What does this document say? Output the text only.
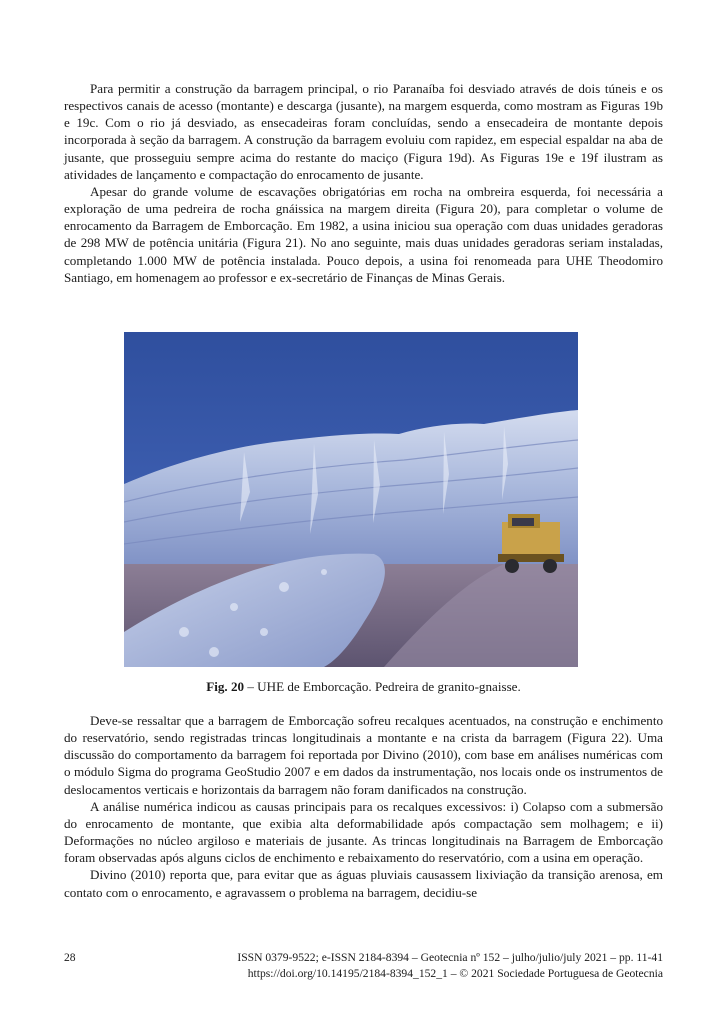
Para permitir a construção da barragem principal, o rio Paranaíba foi desviado através de dois túneis e os respectivos canais de acesso (montante) e descarga (jusante), na margem esquerda, como mostram as Figuras 19b e 19c. Com o rio já desviado, as ensecadeiras foram concluídas, sendo a ensecadeira de montante depois incorporada à seção da barragem. A construção da barragem evoluiu com rapidez, em especial espaldar na aba de jusante, que prosseguiu sempre acima do restante do maciço (Figura 19d). As Figuras 19e e 19f ilustram as atividades de lançamento e compactação do enrocamento de jusante.

Apesar do grande volume de escavações obrigatórias em rocha na ombreira esquerda, foi necessária a exploração de uma pedreira de rocha gnáissica na margem direita (Figura 20), para completar o volume de enrocamento da Barragem de Emborcação. Em 1982, a usina iniciou sua operação com duas unidades geradoras de 298 MW de potência unitária (Figura 21). No ano seguinte, mais duas unidades geradoras seriam instaladas, completando 1.000 MW de potência instalada. Pouco depois, a usina foi renomeada para UHE Theodomiro Santiago, em homenagem ao professor e ex-secretário de Finanças de Minas Gerais.

Fig. 20 – UHE de Emborcação. Pedreira de granito-gnaisse.

Deve-se ressaltar que a barragem de Emborcação sofreu recalques acentuados, na construção e enchimento do reservatório, sendo registradas trincas longitudinais a montante e na crista da barragem (Figura 22). Uma discussão do comportamento da barragem foi reportada por Divino (2010), com base em análises numéricas com o módulo Sigma do programa GeoStudio 2007 e em dados da instrumentação, nos locais onde os instrumentos de deslocamentos verticais e horizontais da barragem não foram danificados na construção.

A análise numérica indicou as causas principais para os recalques excessivos: i) Colapso com a submersão do enrocamento de montante, que exibia alta deformabilidade após compactação sem molhagem; e ii) Deformações no núcleo argiloso e materiais de jusante. As trincas longitudinais na Barragem de Emborcação foram observadas após alguns ciclos de enchimento e rebaixamento do reservatório, com a usina em operação.

Divino (2010) reporta que, para evitar que as águas pluviais causassem lixiviação da transição arenosa, em contato com o enrocamento, e agravassem o problema na barragem, decidiu-se

28	ISSN 0379-9522; e-ISSN 2184-8394 – Geotecnia nº 152 – julho/julio/july 2021 – pp. 11-41
https://doi.org/10.14195/2184-8394_152_1 – © 2021 Sociedade Portuguesa de Geotecnia
